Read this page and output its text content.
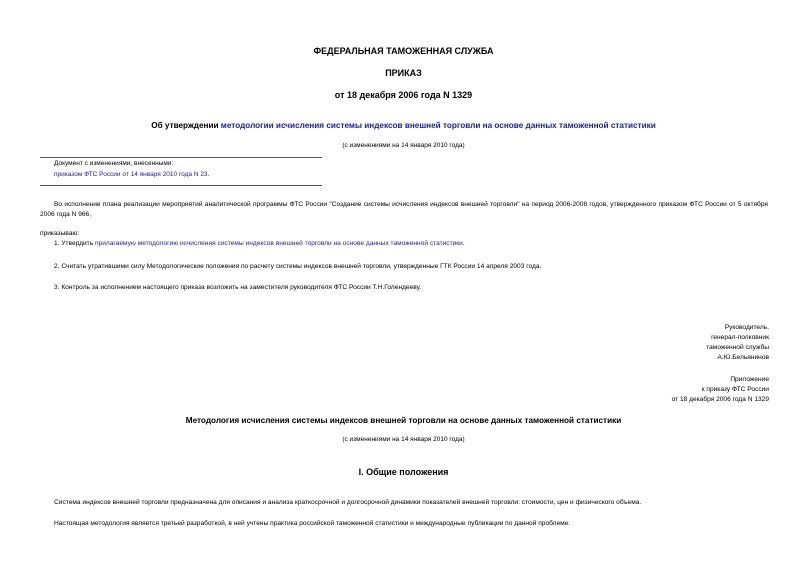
ФЕДЕРАЛЬНАЯ ТАМОЖЕННАЯ СЛУЖБА

ПРИКАЗ

от 18 декабря 2006 года N 1329

Об утверждении методологии исчисления системы индексов внешней торговли на основе данных таможенной статистики

(с изменениями на 14 января 2010 года)

Документ с изменениями, внесенными:

приказом ФТС России от 14 января 2010 года N 23.

Во исполнение плана реализации мероприятий аналитической программы ФТС России "Создание системы исчисления индексов внешней торговли" на период 2006-2008 годов, утвержденного приказом ФТС России от 5 октября 2006 года N 966,

приказываю:

1. Утвердить прилагаемую методологию исчисления системы индексов внешней торговли на основе данных таможенной статистики.

2. Считать утратившими силу Методологические положения по расчету системы индексов внешней торговли, утвержденные ГТК России 14 апреля 2003 года.

3. Контроль за исполнением настоящего приказа возложить на заместителя руководителя ФТС России Т.Н.Голендееву.

Руководитель,
генерал-полковник
таможенной службы
А.Ю.Бельянинов
Приложение
к приказу ФТС России
от 18 декабря 2006 года N 1329

Методология исчисления системы индексов внешней торговли на основе данных таможенной статистики

(с изменениями на 14 января 2010 года)

I. Общие положения

Система индексов внешней торговли предназначена для описания и анализа краткосрочной и долгосрочной динамики показателей внешней торговли: стоимости, цен и физического объема.

Настоящая методология является третьей разработкой, в ней учтены практика российской таможенной статистики и международные публикации по данной проблеме.
